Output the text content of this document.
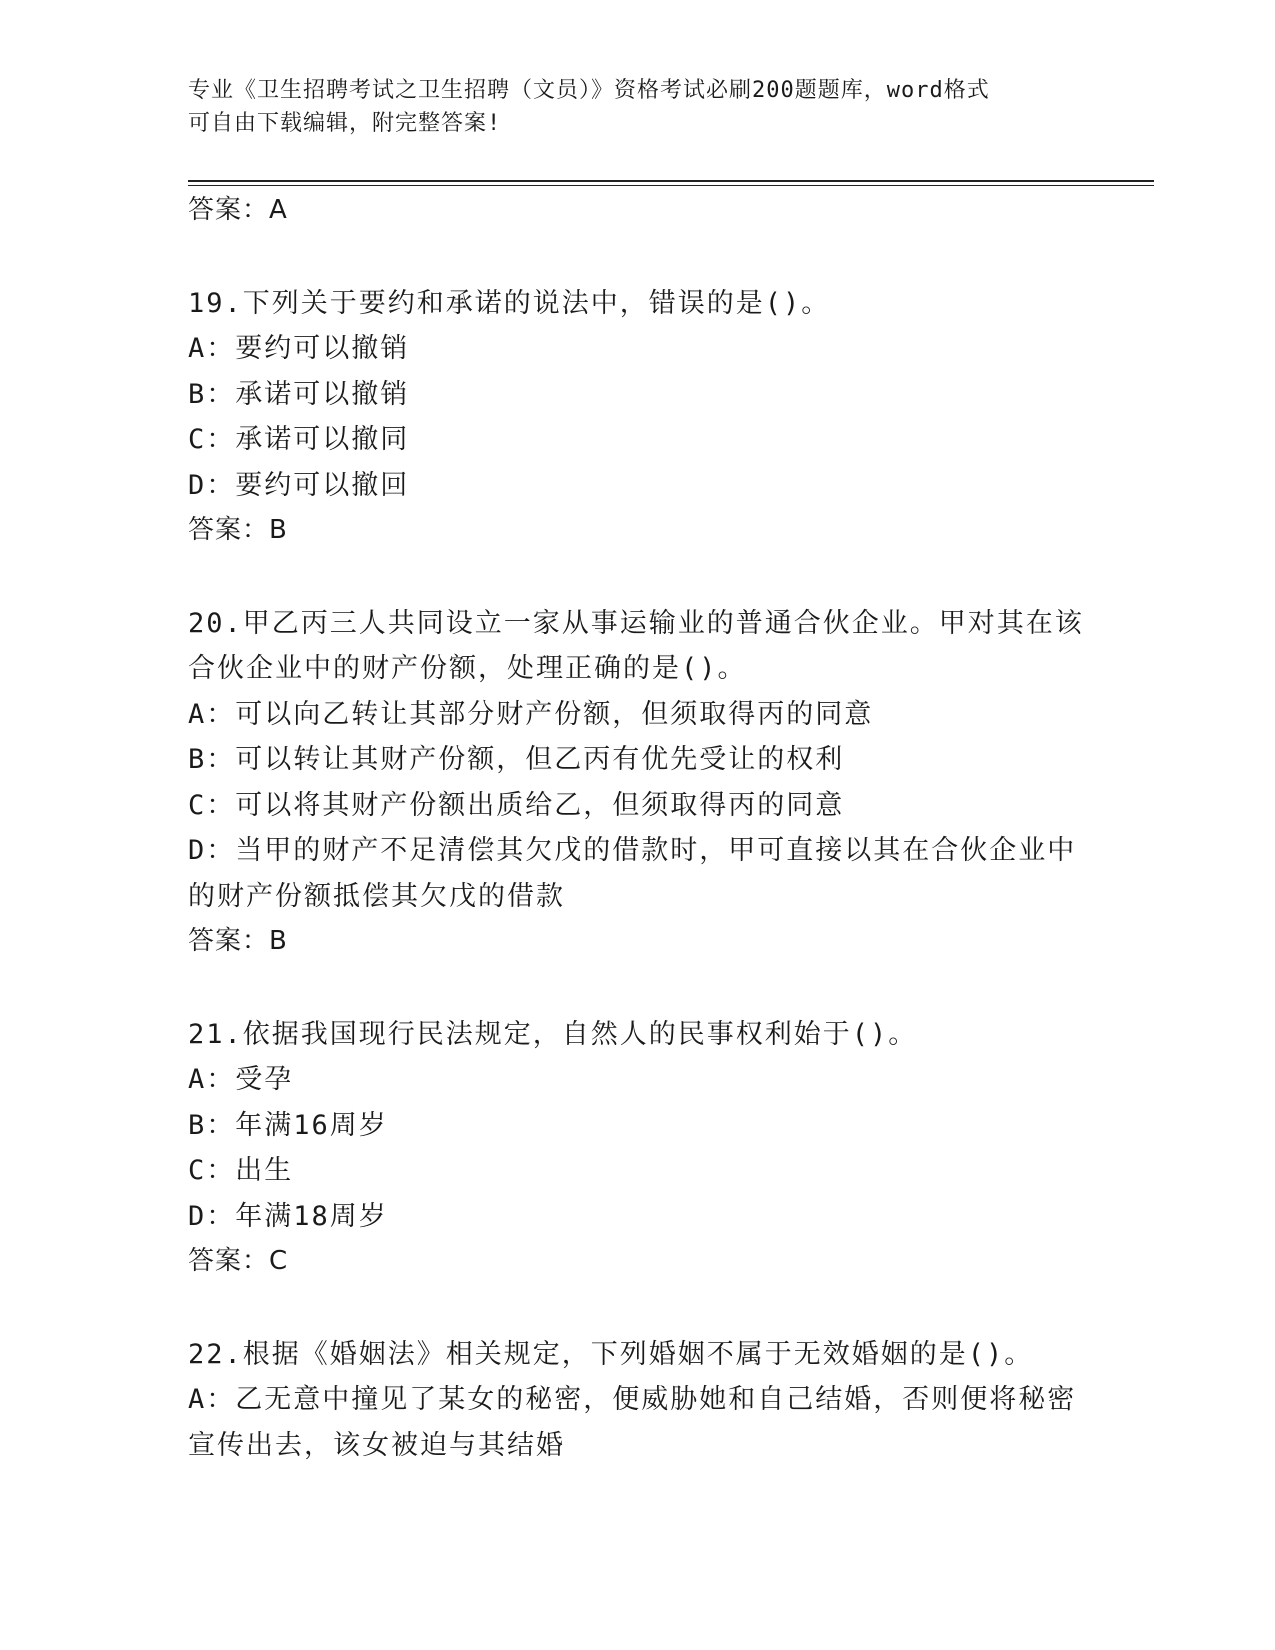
专业《卫生招聘考试之卫生招聘（文员）》资格考试必刷200题题库，word格式
可自由下载编辑，附完整答案!
答案：A
19.下列关于要约和承诺的说法中，错误的是()。
A：要约可以撤销
B：承诺可以撤销
C：承诺可以撤同
D：要约可以撤回
答案：B
20.甲乙丙三人共同设立一家从事运输业的普通合伙企业。甲对其在该
合伙企业中的财产份额，处理正确的是()。
A：可以向乙转让其部分财产份额，但须取得丙的同意
B：可以转让其财产份额，但乙丙有优先受让的权利
C：可以将其财产份额出质给乙，但须取得丙的同意
D：当甲的财产不足清偿其欠戊的借款时，甲可直接以其在合伙企业中
的财产份额抵偿其欠戊的借款
答案：B
21.依据我国现行民法规定，自然人的民事权利始于()。
A：受孕
B：年满16周岁
C：出生
D：年满18周岁
答案：C
22.根据《婚姻法》相关规定，下列婚姻不属于无效婚姻的是()。
A：乙无意中撞见了某女的秘密，便威胁她和自己结婚，否则便将秘密
宣传出去，该女被迫与其结婚
